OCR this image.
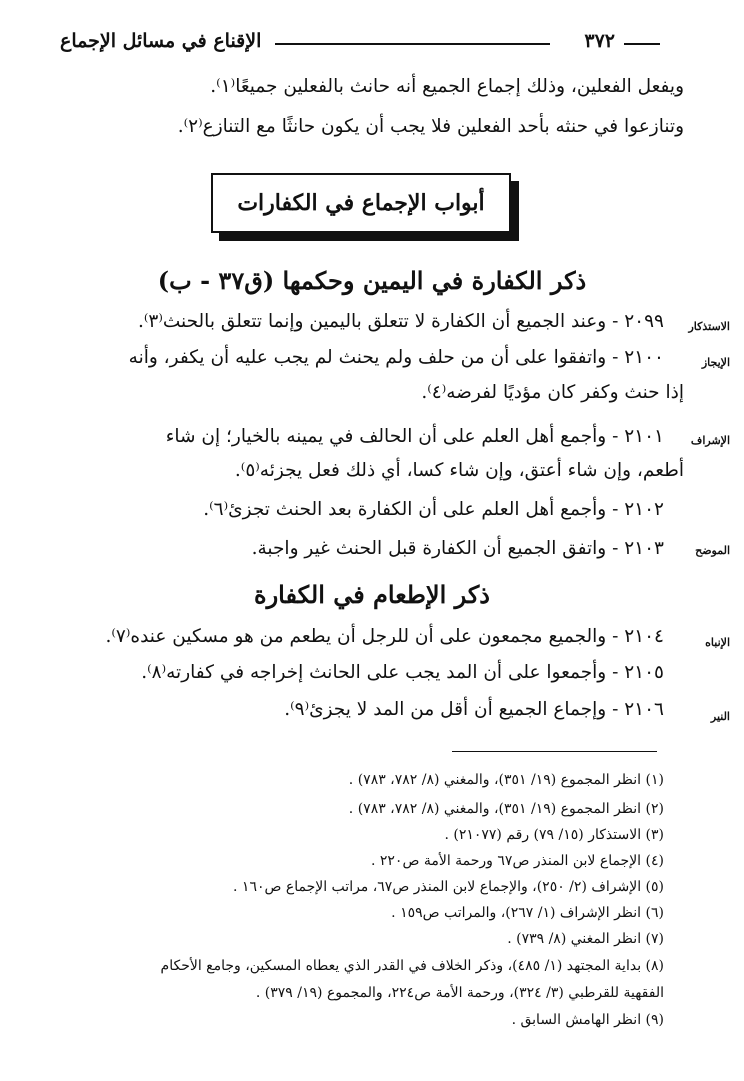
الإقناع في مسائل الإجماع	٣٧٢
ويفعل الفعلين، وذلك إجماع الجميع أنه حانث بالفعلين جميعًا⁽١⁾.
وتنازعوا في حنثه بأحد الفعلين فلا يجب أن يكون حانثًا مع التنازع⁽٢⁾.
أبواب الإجماع في الكفارات
ذكر الكفارة في اليمين وحكمها (ق٣٧ - ب)
الاستذكار
٢٠٩٩ - وعند الجميع أن الكفارة لا تتعلق باليمين وإنما تتعلق بالحنث⁽٣⁾.
الإيجاز
٢١٠٠ - واتفقوا على أن من حلف ولم يحنث لم يجب عليه أن يكفر، وأنه
إذا حنث وكفر كان مؤديًا لفرضه⁽٤⁾.
الإشراف
٢١٠١ - وأجمع أهل العلم على أن الحالف في يمينه بالخيار؛ إن شاء
أطعم، وإن شاء أعتق، وإن شاء كسا، أي ذلك فعل يجزئه⁽٥⁾.
٢١٠٢ - وأجمع أهل العلم على أن الكفارة بعد الحنث تجزئ⁽٦⁾.
الموضح
٢١٠٣ - واتفق الجميع أن الكفارة قبل الحنث غير واجبة.
ذكر الإطعام في الكفارة
الإنباه
٢١٠٤ - والجميع مجمعون على أن للرجل أن يطعم من هو مسكين عنده⁽٧⁾.
٢١٠٥ - وأجمعوا على أن المد يجب على الحانث إخراجه في كفارته⁽٨⁾.
النير
٢١٠٦ - وإجماع الجميع أن أقل من المد لا يجزئ⁽٩⁾.
(١) انظر المجموع (١٩/ ٣٥١)، والمغني (٨/ ٧٨٢، ٧٨٣) .
(٢) انظر المجموع (١٩/ ٣٥١)، والمغني (٨/ ٧٨٢، ٧٨٣) .
(٣) الاستذكار (١٥/ ٧٩) رقم (٢١٠٧٧) .
(٤) الإجماع لابن المنذر ص٦٧ ورحمة الأمة ص٢٢٠ .
(٥) الإشراف (٢/ ٢٥٠)، والإجماع لابن المنذر ص٦٧، مراتب الإجماع ص١٦٠ .
(٦) انظر الإشراف (١/ ٢٦٧)، والمراتب ص١٥٩ .
(٧) انظر المغني (٨/ ٧٣٩) .
(٨) بداية المجتهد (١/ ٤٨٥)، وذكر الخلاف في القدر الذي يعطاه المسكين، وجامع الأحكام
الفقهية للقرطبي (٣/ ٣٢٤)، ورحمة الأمة ص٢٢٤، والمجموع (١٩/ ٣٧٩) .
(٩) انظر الهامش السابق .
